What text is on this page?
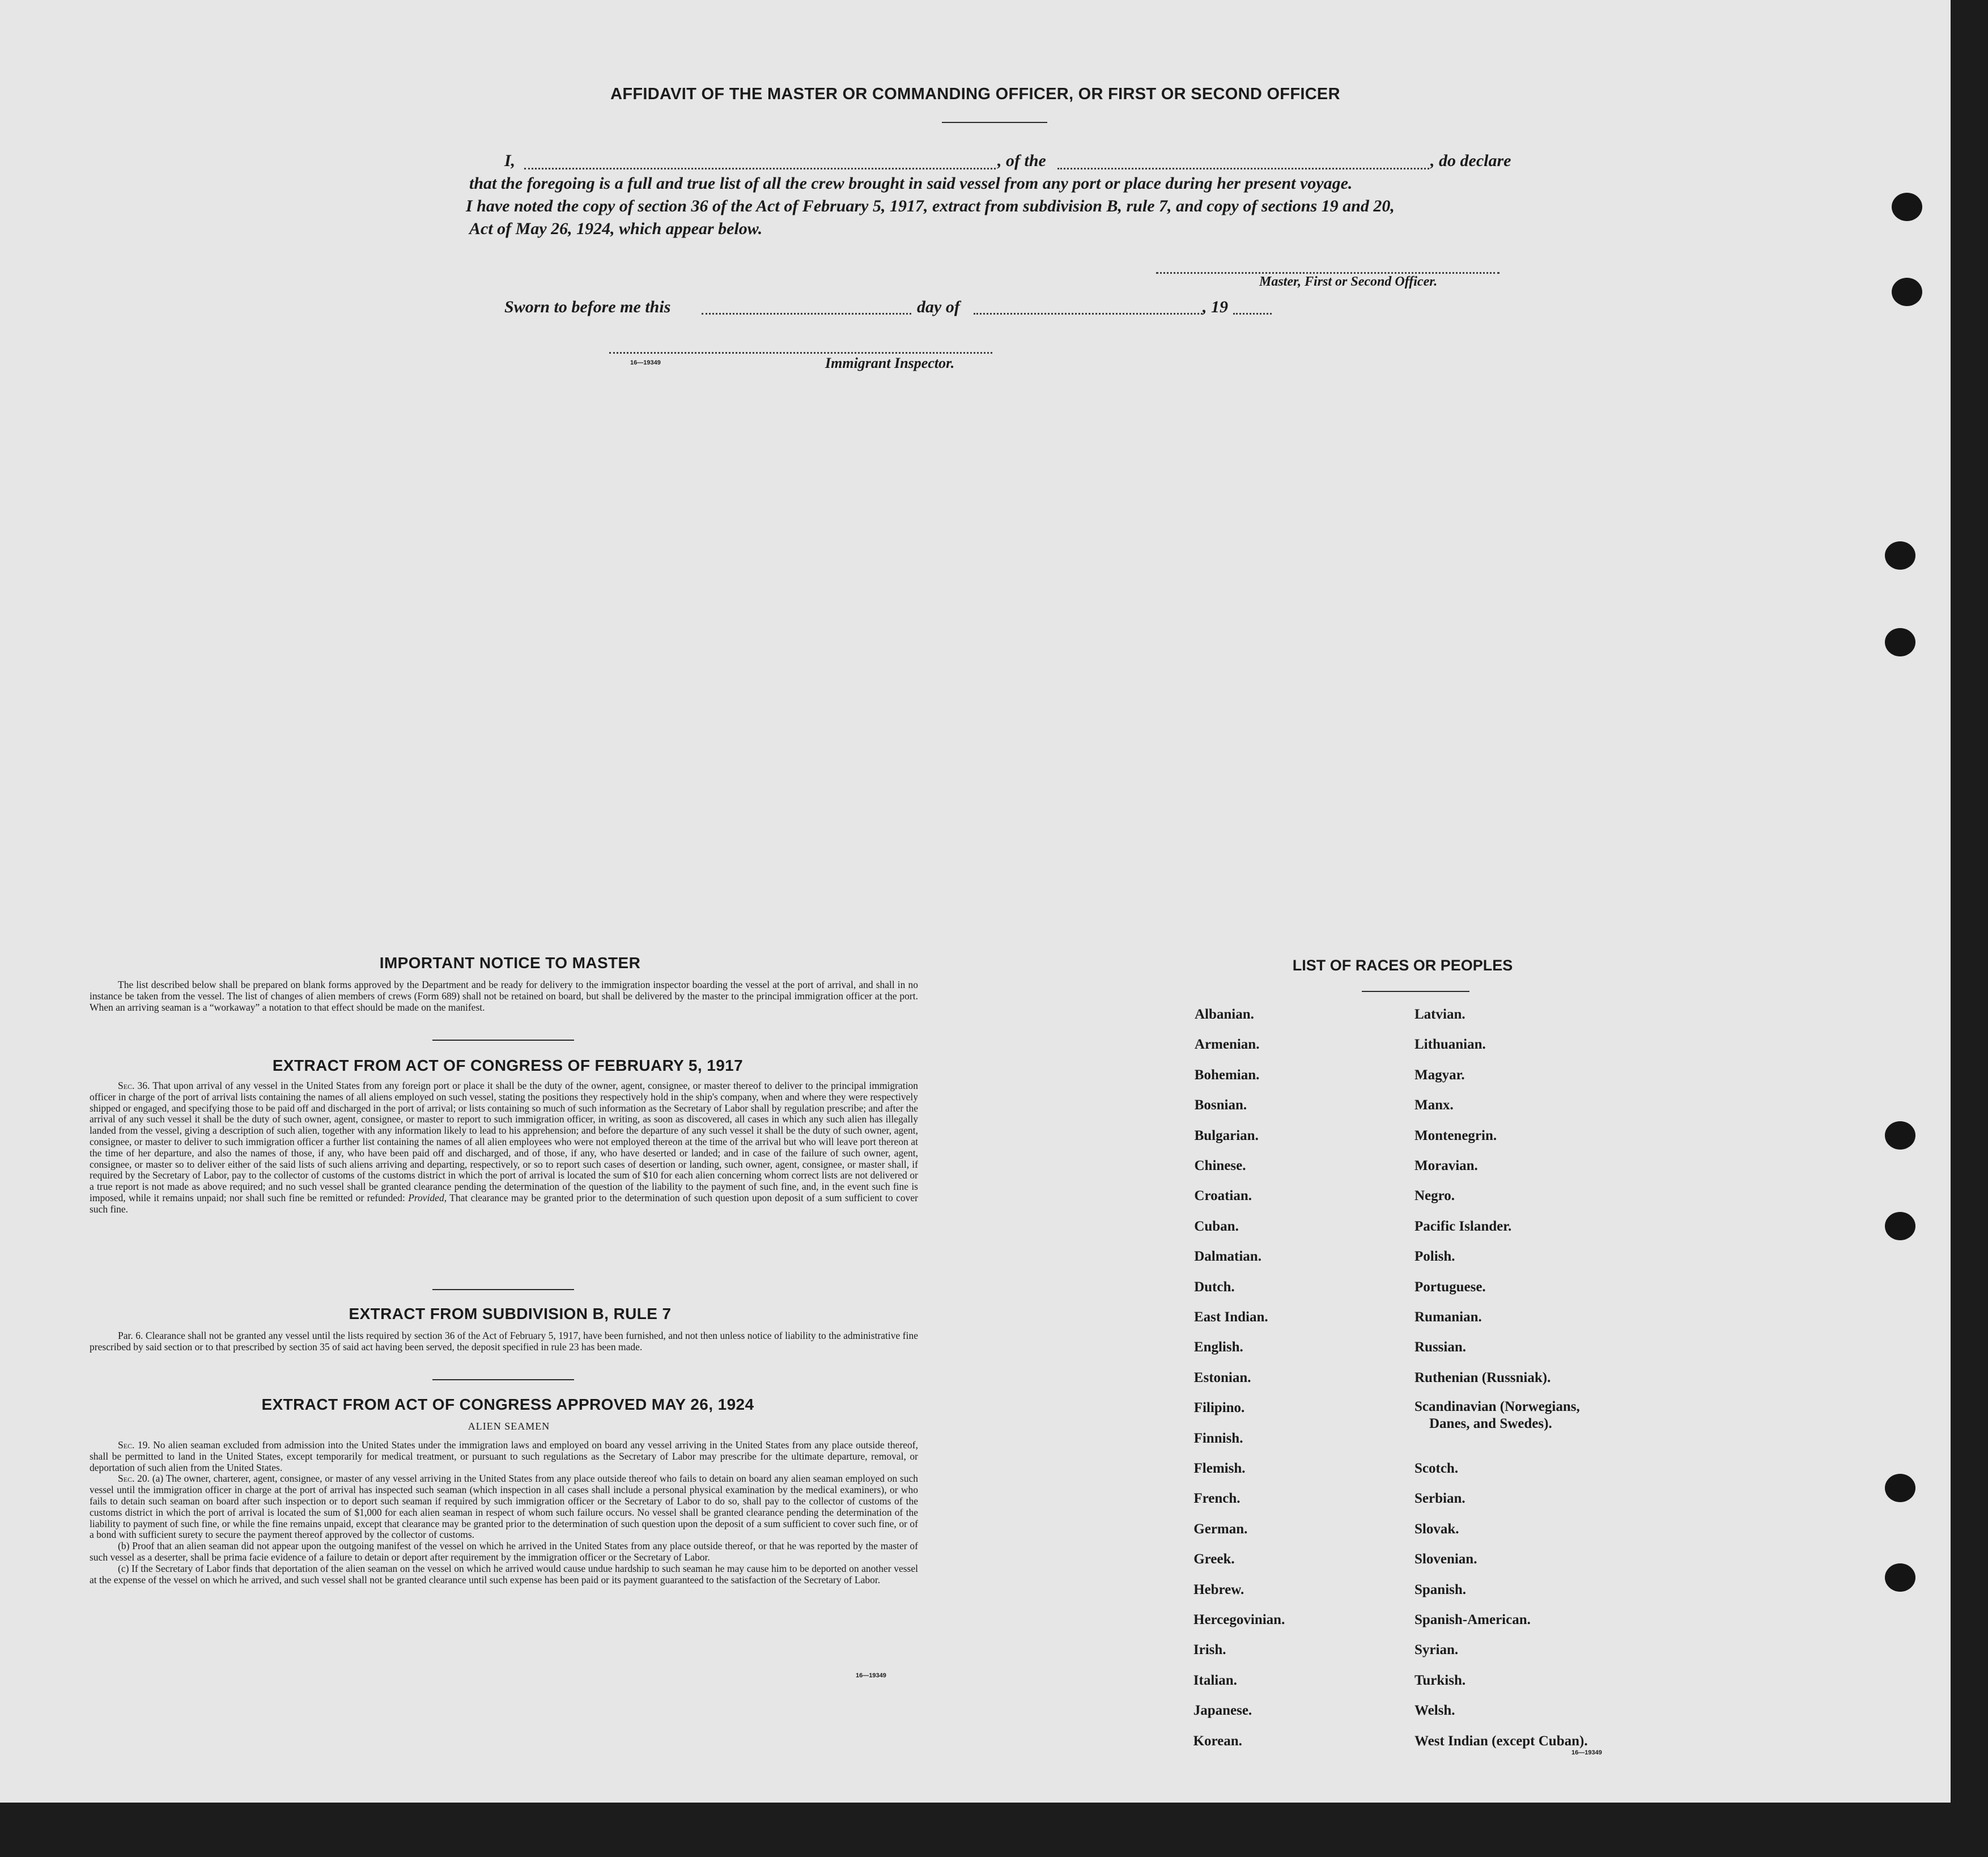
AFFIDAVIT OF THE MASTER OR COMMANDING OFFICER, OR FIRST OR SECOND OFFICER
I,	, of the	, do declare
that the foregoing is a full and true list of all the crew brought in said vessel from any port or place during her present voyage.
I have noted the copy of section 36 of the Act of February 5, 1917, extract from subdivision B, rule 7, and copy of sections 19 and 20,
Act of May 26, 1924, which appear below.
Master, First or Second Officer.
Sworn to before me this	day of	, 19
16—19349	Immigrant Inspector.
IMPORTANT NOTICE TO MASTER

The list described below shall be prepared on blank forms approved by the Department and be ready for delivery to the immigration inspector boarding the vessel at the port of arrival, and shall in no instance be taken from the vessel. The list of changes of alien members of crews (Form 689) shall not be retained on board, but shall be delivered by the master to the principal immigration officer at the port. When an arriving seaman is a “workaway” a notation to that effect should be made on the manifest.

EXTRACT FROM ACT OF CONGRESS OF FEBRUARY 5, 1917

Sec. 36. That upon arrival of any vessel in the United States from any foreign port or place it shall be the duty of the owner, agent, consignee, or master thereof to deliver to the principal immigration officer in charge of the port of arrival lists containing the names of all aliens employed on such vessel, stating the positions they respectively hold in the ship's company, when and where they were respectively shipped or engaged, and specifying those to be paid off and discharged in the port of arrival; or lists containing so much of such information as the Secretary of Labor shall by regulation prescribe; and after the arrival of any such vessel it shall be the duty of such owner, agent, consignee, or master to report to such immigration officer, in writing, as soon as discovered, all cases in which any such alien has illegally landed from the vessel, giving a description of such alien, together with any information likely to lead to his apprehension; and before the departure of any such vessel it shall be the duty of such owner, agent, consignee, or master to deliver to such immigration officer a further list containing the names of all alien employees who were not employed thereon at the time of the arrival but who will leave port thereon at the time of her departure, and also the names of those, if any, who have been paid off and discharged, and of those, if any, who have deserted or landed; and in case of the failure of such owner, agent, consignee, or master so to deliver either of the said lists of such aliens arriving and departing, respectively, or so to report such cases of desertion or landing, such owner, agent, consignee, or master shall, if required by the Secretary of Labor, pay to the collector of customs of the customs district in which the port of arrival is located the sum of $10 for each alien concerning whom correct lists are not delivered or a true report is not made as above required; and no such vessel shall be granted clearance pending the determination of the question of the liability to the payment of such fine, and, in the event such fine is imposed, while it remains unpaid; nor shall such fine be remitted or refunded: Provided, That clearance may be granted prior to the determination of such question upon deposit of a sum sufficient to cover such fine.

EXTRACT FROM SUBDIVISION B, RULE 7

Par. 6. Clearance shall not be granted any vessel until the lists required by section 36 of the Act of February 5, 1917, have been furnished, and not then unless notice of liability to the administrative fine prescribed by said section or to that prescribed by section 35 of said act having been served, the deposit specified in rule 23 has been made.

EXTRACT FROM ACT OF CONGRESS APPROVED MAY 26, 1924
ALIEN SEAMEN

Sec. 19. No alien seaman excluded from admission into the United States under the immigration laws and employed on board any vessel arriving in the United States from any place outside thereof, shall be permitted to land in the United States, except temporarily for medical treatment, or pursuant to such regulations as the Secretary of Labor may prescribe for the ultimate departure, removal, or deportation of such alien from the United States.

Sec. 20. (a) The owner, charterer, agent, consignee, or master of any vessel arriving in the United States from any place outside thereof who fails to detain on board any alien seaman employed on such vessel until the immigration officer in charge at the port of arrival has inspected such seaman (which inspection in all cases shall include a personal physical examination by the medical examiners), or who fails to detain such seaman on board after such inspection or to deport such seaman if required by such immigration officer or the Secretary of Labor to do so, shall pay to the collector of customs of the customs district in which the port of arrival is located the sum of $1,000 for each alien seaman in respect of whom such failure occurs. No vessel shall be granted clearance pending the determination of the liability to payment of such fine, or while the fine remains unpaid, except that clearance may be granted prior to the determination of such question upon the deposit of a sum sufficient to cover such fine, or of a bond with sufficient surety to secure the payment thereof approved by the collector of customs.

(b) Proof that an alien seaman did not appear upon the outgoing manifest of the vessel on which he arrived in the United States from any place outside thereof, or that he was reported by the master of such vessel as a deserter, shall be prima facie evidence of a failure to detain or deport after requirement by the immigration officer or the Secretary of Labor.

(c) If the Secretary of Labor finds that deportation of the alien seaman on the vessel on which he arrived would cause undue hardship to such seaman he may cause him to be deported on another vessel at the expense of the vessel on which he arrived, and such vessel shall not be granted clearance until such expense has been paid or its payment guaranteed to the satisfaction of the Secretary of Labor.

16—19349
LIST OF RACES OR PEOPLES
16—19349
Albanian.
Armenian.
Bohemian.
Bosnian.
Bulgarian.
Chinese.
Croatian.
Cuban.
Dalmatian.
Dutch.
East Indian.
English.
Estonian.
Filipino.
Finnish.
Flemish.
French.
German.
Greek.
Hebrew.
Hercegovinian.
Irish.
Italian.
Japanese.
Korean.
Latvian.
Lithuanian.
Magyar.
Manx.
Montenegrin.
Moravian.
Negro.
Pacific Islander.
Polish.
Portuguese.
Rumanian.
Russian.
Ruthenian (Russniak).
Scandinavian (Norwegians,
Danes, and Swedes).
Scotch.
Serbian.
Slovak.
Slovenian.
Spanish.
Spanish-American.
Syrian.
Turkish.
Welsh.
West Indian (except Cuban).
